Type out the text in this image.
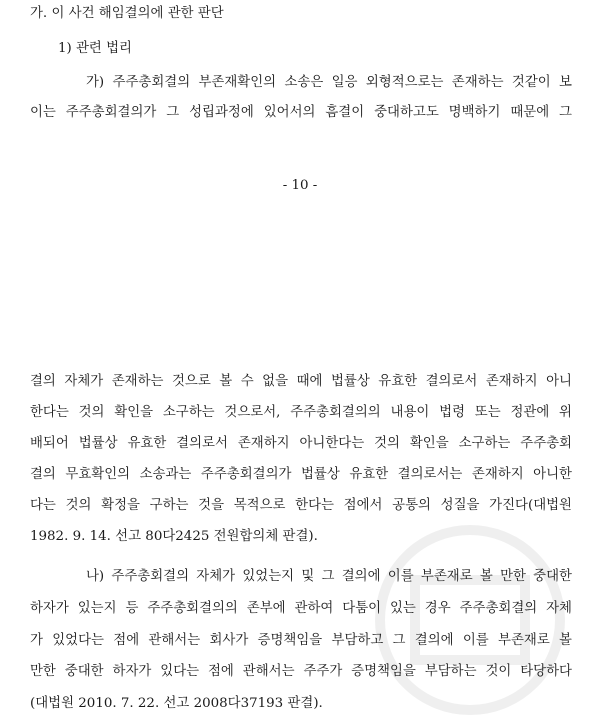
가. 이 사건 해임결의에 관한 판단
1) 관련 법리
가) 주주총회결의 부존재확인의 소송은 일응 외형적으로는 존재하는 것같이 보
이는 주주총회결의가 그 성립과정에 있어서의 흠결이 중대하고도 명백하기 때문에 그
- 10 -
결의 자체가 존재하는 것으로 볼 수 없을 때에 법률상 유효한 결의로서 존재하지 아니
한다는 것의 확인을 소구하는 것으로서, 주주총회결의의 내용이 법령 또는 정관에 위
배되어 법률상 유효한 결의로서 존재하지 아니한다는 것의 확인을 소구하는 주주총회
결의 무효확인의 소송과는 주주총회결의가 법률상 유효한 결의로서는 존재하지 아니한
다는 것의 확정을 구하는 것을 목적으로 한다는 점에서 공통의 성질을 가진다(대법원
1982. 9. 14. 선고 80다2425 전원합의체 판결).
나) 주주총회결의 자체가 있었는지 및 그 결의에 이를 부존재로 볼 만한 중대한
하자가 있는지 등 주주총회결의의 존부에 관하여 다툼이 있는 경우 주주총회결의 자체
가 있었다는 점에 관해서는 회사가 증명책임을 부담하고 그 결의에 이를 부존재로 볼
만한 중대한 하자가 있다는 점에 관해서는 주주가 증명책임을 부담하는 것이 타당하다
(대법원 2010. 7. 22. 선고 2008다37193 판결).
